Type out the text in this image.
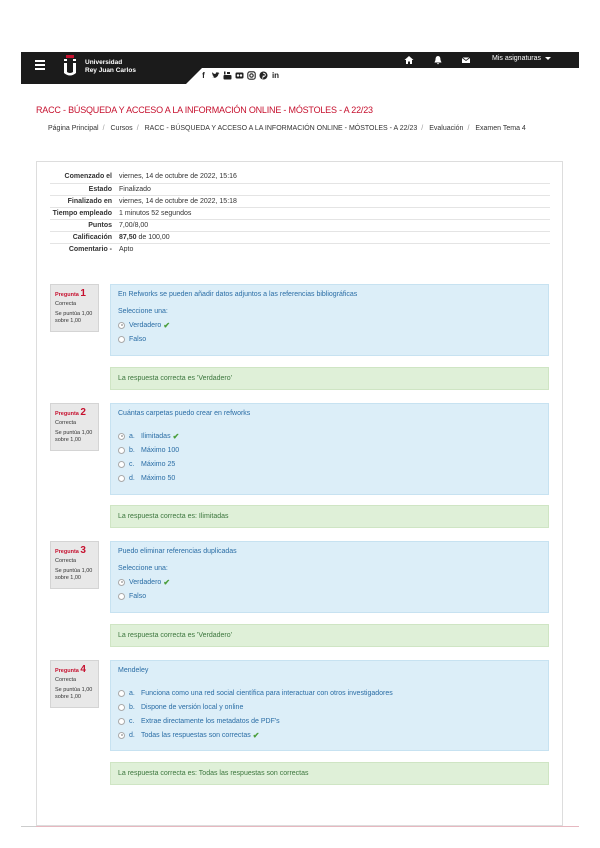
Universidad
Rey Juan Carlos
Mis asignaturas
f	in
RACC - BÚSQUEDA Y ACCESO A LA INFORMACIÓN ONLINE - MÓSTOLES - A 22/23
Página Principal / Cursos / RACC - BÚSQUEDA Y ACCESO A LA INFORMACIÓN ONLINE - MÓSTOLES - A 22/23 / Evaluación / Examen Tema 4
Comenzado el	viernes, 14 de octubre de 2022, 15:16
Estado	Finalizado
Finalizado en	viernes, 14 de octubre de 2022, 15:18
Tiempo empleado	1 minutos 52 segundos
Puntos	7,00/8,00
Calificación	87,50 de 100,00
Comentario -	Apto
Pregunta 1
Correcta
Se puntúa 1,00 sobre 1,00
En Refworks se pueden añadir datos adjuntos a las referencias bibliográficas
Seleccione una:
Verdadero ✔
Falso
La respuesta correcta es 'Verdadero'
Pregunta 2
Correcta
Se puntúa 1,00 sobre 1,00
Cuántas carpetas puedo crear en refworks
a. Ilimitadas ✔
b. Máximo 100
c. Máximo 25
d. Máximo 50
La respuesta correcta es: Ilimitadas
Pregunta 3
Correcta
Se puntúa 1,00 sobre 1,00
Puedo eliminar referencias duplicadas
Seleccione una:
Verdadero ✔
Falso
La respuesta correcta es 'Verdadero'
Pregunta 4
Correcta
Se puntúa 1,00 sobre 1,00
Mendeley
a. Funciona como una red social científica para interactuar con otros investigadores
b. Dispone de versión local y online
c. Extrae directamente los metadatos de PDF's
d. Todas las respuestas son correctas ✔
La respuesta correcta es: Todas las respuestas son correctas
